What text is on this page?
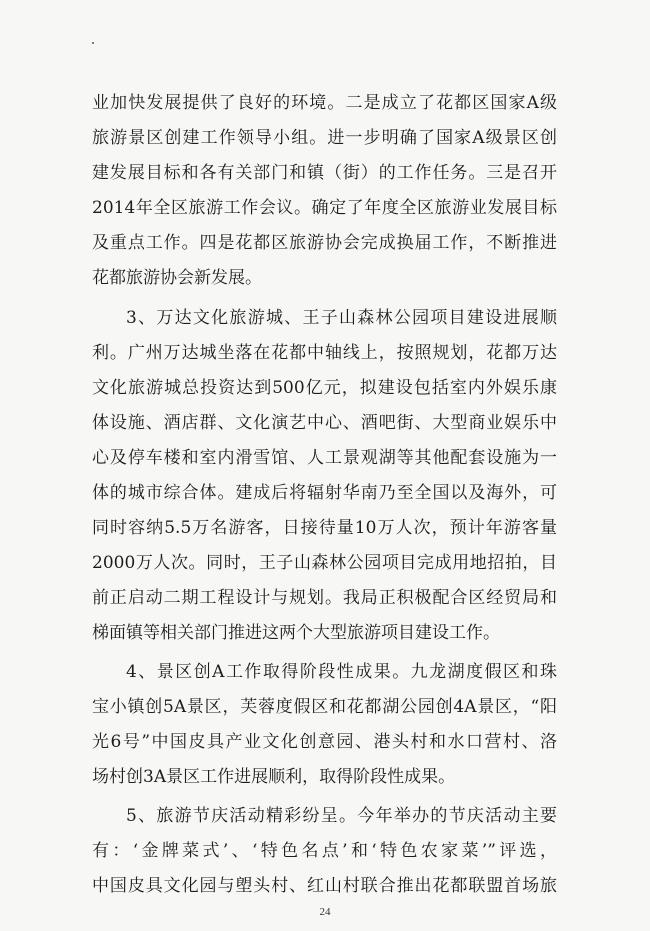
业加快发展提供了良好的环境。二是成立了花都区国家A级
旅游景区创建工作领导小组。进一步明确了国家A级景区创
建发展目标和各有关部门和镇（街）的工作任务。三是召开
2014年全区旅游工作会议。确定了年度全区旅游业发展目标
及重点工作。四是花都区旅游协会完成换届工作，不断推进
花都旅游协会新发展。
3、万达文化旅游城、王子山森林公园项目建设进展顺
利。广州万达城坐落在花都中轴线上，按照规划，花都万达
文化旅游城总投资达到500亿元，拟建设包括室内外娱乐康
体设施、酒店群、文化演艺中心、酒吧街、大型商业娱乐中
心及停车楼和室内滑雪馆、人工景观湖等其他配套设施为一
体的城市综合体。建成后将辐射华南乃至全国以及海外，可
同时容纳5.5万名游客，日接待量10万人次，预计年游客量
2000万人次。同时，王子山森林公园项目完成用地招拍，目
前正启动二期工程设计与规划。我局正积极配合区经贸局和
梯面镇等相关部门推进这两个大型旅游项目建设工作。
4、景区创A工作取得阶段性成果。九龙湖度假区和珠
宝小镇创5A景区，芙蓉度假区和花都湖公园创4A景区，“阳
光6号”中国皮具产业文化创意园、港头村和水口营村、洛
场村创3A景区工作进展顺利，取得阶段性成果。
5、旅游节庆活动精彩纷呈。今年举办的节庆活动主要
有：‘金牌菜式’、‘特色名点’和‘特色农家菜’”评选，
中国皮具文化园与塱头村、红山村联合推出花都联盟首场旅
24
